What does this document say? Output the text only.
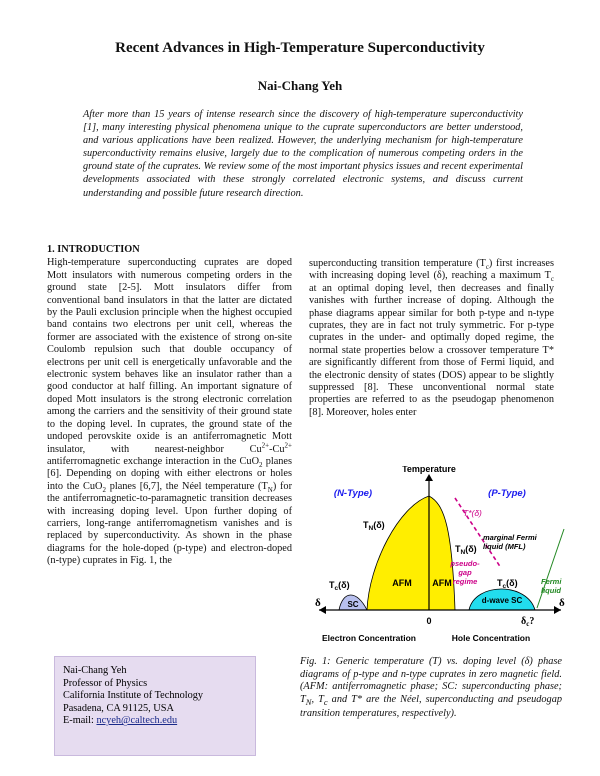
Recent Advances in High-Temperature Superconductivity
Nai-Chang Yeh
After more than 15 years of intense research since the discovery of high-temperature superconductivity [1], many interesting physical phenomena unique to the cuprate superconductors are better understood, and various applications have been realized. However, the underlying mechanism for high-temperature superconductivity remains elusive, largely due to the complication of numerous competing orders in the ground state of the cuprates. We review some of the most important physics issues and recent experimental developments associated with these strongly correlated electronic systems, and discuss current understanding and possible future research direction.
1. INTRODUCTION

High-temperature superconducting cuprates are doped Mott insulators with numerous competing orders in the ground state [2-5]. Mott insulators differ from conventional band insulators in that the latter are dictated by the Pauli exclusion principle when the highest occupied band contains two electrons per unit cell, whereas the former are associated with the existence of strong on-site Coulomb repulsion such that double occupancy of electrons per unit cell is energetically unfavorable and the electronic system behaves like an insulator rather than a good conductor at half filling. An important signature of doped Mott insulators is the strong electronic correlation among the carriers and the sensitivity of their ground state to the doping level. In cuprates, the ground state of the undoped perovskite oxide is an antiferromagnetic Mott insulator, with nearest-neighbor $Cu^{2+}-Cu^{2+}$ antiferromagnetic exchange interaction in the CuO$_2$ planes [6]. Depending on doping with either electrons or holes into the CuO$_2$ planes [6,7], the Néel temperature $(T_N)$ for the antiferromagnetic-to-paramagnetic transition decreases with increasing doping level. Upon further doping of carriers, long-range antiferromagnetism vanishes and is replaced by superconductivity. As shown in the phase diagrams for the hole-doped (p-type) and electron-doped (n-type) cuprates in Fig. 1, the

superconducting transition temperature $(T_c)$ first increases with increasing doping level (δ), reaching a maximum $T_c$ at an optimal doping level, then decreases and finally vanishes with further increase of doping. Although the phase diagrams appear similar for both p-type and n-type cuprates, they are in fact not truly symmetric. For p-type cuprates in the under- and optimally doped regime, the normal state properties below a crossover temperature T* are significantly different from those of Fermi liquid, and the electronic density of states (DOS) appear to be slightly suppressed [8]. These unconventional normal state properties are referred to as the pseudogap phenomenon [8]. Moreover, holes enter

Temperature
(N-Type)	(P-Type)
$T_N(\delta)$
$T_N(\delta)$
T*(δ)
marginal Fermi
liquid (MFL)
pseudo-
gap
regime
$T_c(\delta)$	$T_c(\delta)$
AFM AFM
SC	d-wave SC
Fermi
liquid
δ	δ
0	$\delta_c$?
Electron Concentration	Hole Concentration
Nai-Chang Yeh
Professor of Physics
California Institute of Technology
Pasadena, CA 91125, USA
E-mail: ncyeh@caltech.edu
Fig. 1: Generic temperature (T) vs. doping level (δ) phase diagrams of p-type and n-type cuprates in zero magnetic field. (AFM: antiferromagnetic phase; SC: superconducting phase; $T_N$, $T_c$ and T* are the Néel, superconducting and pseudogap transition temperatures, respectively).
